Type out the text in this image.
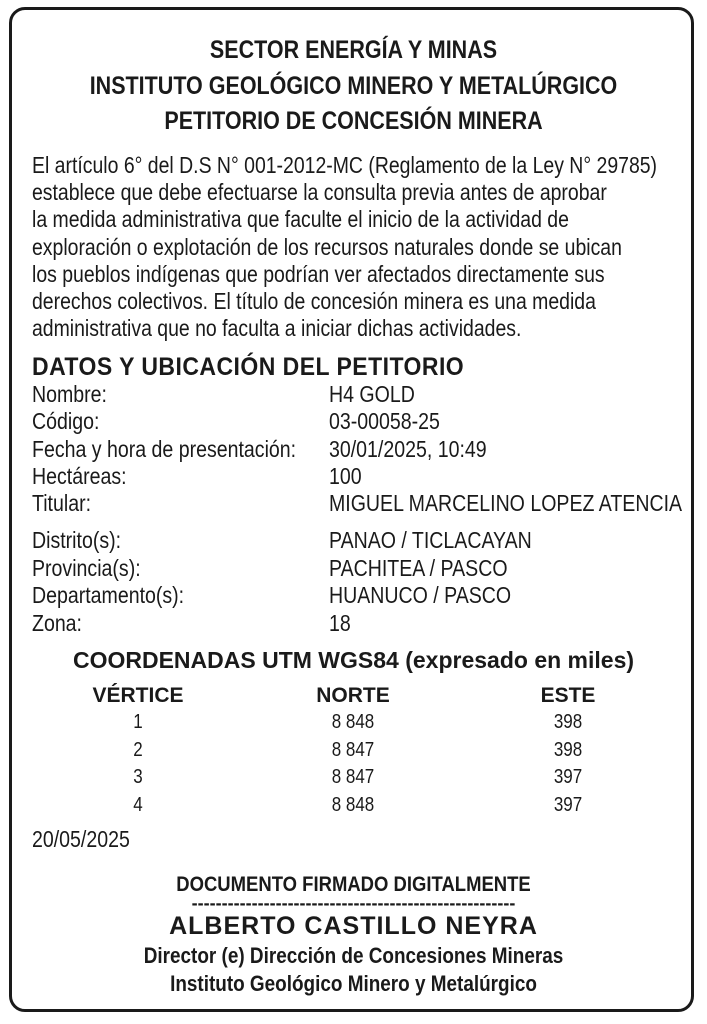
SECTOR ENERGÍA Y MINAS
INSTITUTO GEOLÓGICO MINERO Y METALÚRGICO
PETITORIO DE CONCESIÓN MINERA
El artículo 6° del D.S N° 001-2012-MC (Reglamento de la Ley N° 29785)
establece que debe efectuarse la consulta previa antes de aprobar
la medida administrativa que faculte el inicio de la actividad de
exploración o explotación de los recursos naturales donde se ubican
los pueblos indígenas que podrían ver afectados directamente sus
derechos colectivos. El título de concesión minera es una medida
administrativa que no faculta a iniciar dichas actividades.
DATOS Y UBICACIÓN DEL PETITORIO
Nombre:	H4 GOLD
Código:	03-00058-25
Fecha y hora de presentación: 30/01/2025, 10:49
Hectáreas:	100
Titular:	MIGUEL MARCELINO LOPEZ ATENCIA
Distrito(s):	PANAO / TICLACAYAN
Provincia(s):	PACHITEA / PASCO
Departamento(s):	HUANUCO / PASCO
Zona:	18
COORDENADAS UTM WGS84 (expresado en miles)
VÉRTICE	NORTE	ESTE
1	8 848	398
2	8 847	398
3	8 847	397
4	8 848	397
20/05/2025
DOCUMENTO FIRMADO DIGITALMENTE
------------------------------------------------------
ALBERTO CASTILLO NEYRA
Director (e) Dirección de Concesiones Mineras
Instituto Geológico Minero y Metalúrgico
